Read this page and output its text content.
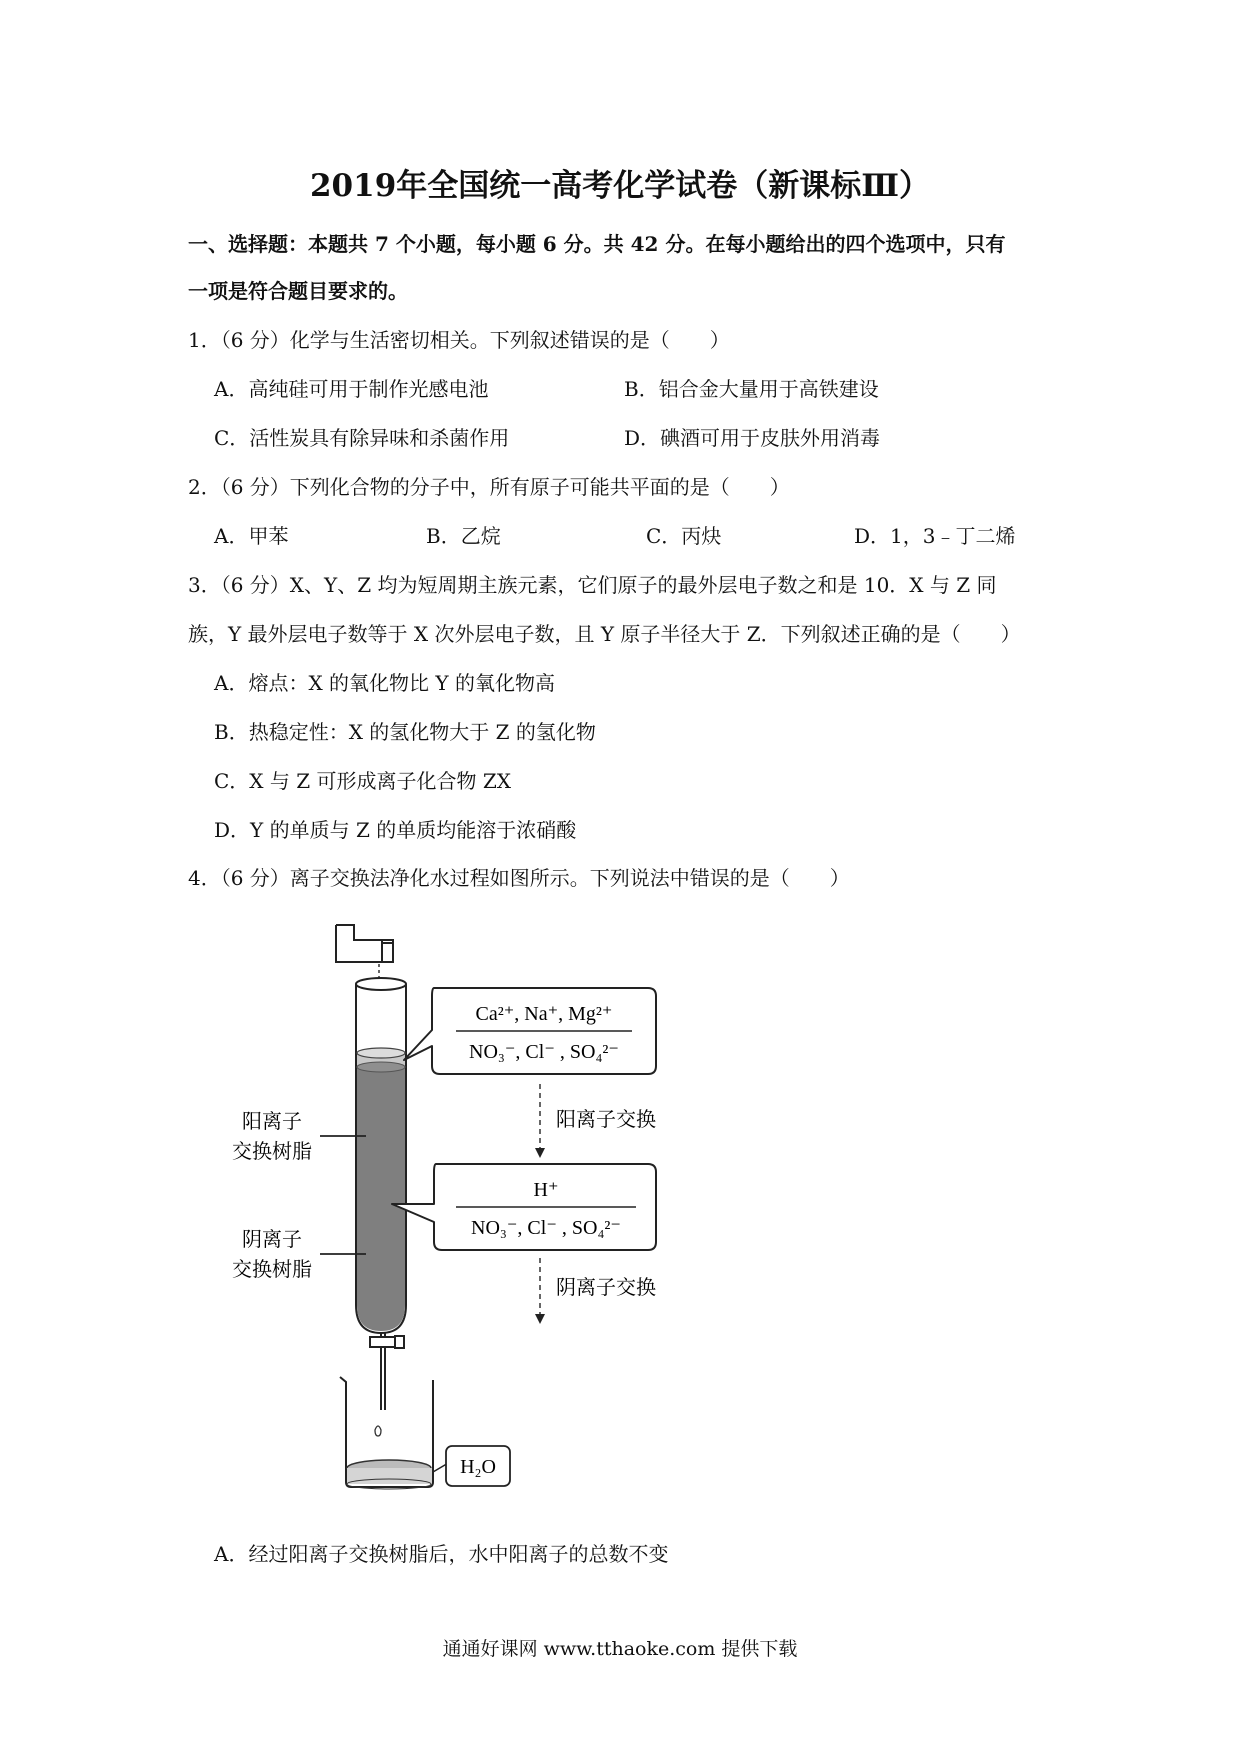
2019年全国统一高考化学试卷（新课标Ⅲ）
一、选择题：本题共 7 个小题，每小题 6 分。共 42 分。在每小题给出的四个选项中，只有
一项是符合题目要求的。
1．（6 分）化学与生活密切相关。下列叙述错误的是（　　）
A．高纯硅可用于制作光感电池	B．铝合金大量用于高铁建设
C．活性炭具有除异味和杀菌作用	D．碘酒可用于皮肤外用消毒
2．（6 分）下列化合物的分子中，所有原子可能共平面的是（　　）
A．甲苯	B．乙烷	C．丙炔	D．1，3﹣丁二烯
3．（6 分）X、Y、Z 均为短周期主族元素，它们原子的最外层电子数之和是 10．X 与 Z 同
族，Y 最外层电子数等于 X 次外层电子数，且 Y 原子半径大于 Z．下列叙述正确的是（　　）
A．熔点：X 的氧化物比 Y 的氧化物高
B．热稳定性：X 的氢化物大于 Z 的氢化物
C．X 与 Z 可形成离子化合物 ZX
D．Y 的单质与 Z 的单质均能溶于浓硝酸
4．（6 分）离子交换法净化水过程如图所示。下列说法中错误的是（　　）
H₂O
阳离子
交换树脂
阴离子
交换树脂
Ca²⁺, Na⁺, Mg²⁺
NO₃⁻, Cl⁻ , SO₄²⁻
阳离子交换
H⁺
NO₃⁻, Cl⁻ , SO₄²⁻
阴离子交换
A．经过阳离子交换树脂后，水中阳离子的总数不变
通通好课网 www.tthaoke.com 提供下载
